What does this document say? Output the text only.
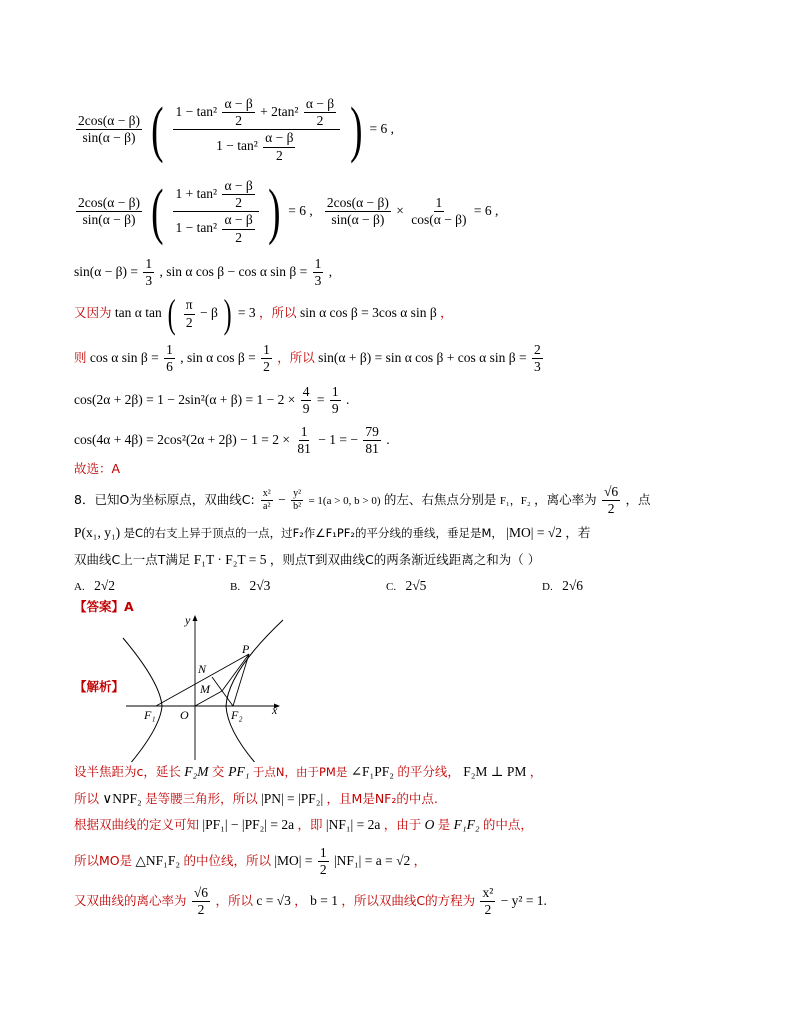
$\frac{2\cos(\alpha - \beta)}{\sin(\alpha - \beta)}$ ( $\frac{1 - \tan^2 \frac{\alpha - \beta}{2} + 2\tan^2 \frac{\alpha - \beta}{2}}{1 - \tan^2 \frac{\alpha - \beta}{2}}$ ) = 6 ,
$\frac{2\cos(\alpha - \beta)}{\sin(\alpha - \beta)}$ ( $\frac{1 + \tan^2 \frac{\alpha - \beta}{2}}{1 - \tan^2 \frac{\alpha - \beta}{2}}$ ) = 6 , $\frac{2\cos(\alpha - \beta)}{\sin(\alpha - \beta)} \times \frac{1}{\cos(\alpha - \beta)} = 6$ ,
$\sin(\alpha - \beta) = \frac{1}{3}$ , sin α cos β − cos α $\sin \beta = \frac{1}{3}$ ,
又因为 tan α tan ( $\frac{\pi}{2} - \beta$ ) = 3 ，所以 sin α cos β = 3cos α sin β ，
则 cos α $\sin \beta = \frac{1}{6}$ , sin α $\cos \beta = \frac{1}{2}$ ，所以 sin(α + β) = sin α cos β + cos α $\sin \beta = \frac{2}{3}$
$\cos(2\alpha + 2\beta) = 1 - 2\sin^2(\alpha + \beta) = 1 - 2 \times \frac{4}{9} = \frac{1}{9}$ .
$\cos(4\alpha + 4\beta) = 2\cos^2(2\alpha + 2\beta) - 1 = 2 \times \frac{1}{81} - 1$ = − $\frac{79}{81}$ .
故选：A
8．已知O为坐标原点，双曲线C: $\frac{\text{x²}}{\text{a²}} - \frac{\text{y²}}{\text{b²}} = 1(a > 0$, b > 0) 的左、右焦点分别是 F₁，F₂ ，离心率为 $\frac{√6}{2}$ ，点
P(x₁, y₁) 是C的右支上异于顶点的一点，过F₂作∠F₁PF₂的平分线的垂线，垂足是M， |MO| = √2 ，若
双曲线C上一点T满足 F₁T · F₂T = 5 ，则点T到双曲线C的两条渐近线距离之和为（ ）
A. 2√2	B. 2√3	C. 2√5	D. 2√6
【答案】A
【解析】
y
x
O
P
N
M
F₁	F₂
设半焦距为c，延长 F₂M 交 PF₁ 于点N，由于PM是 ∠F₁PF₂ 的平分线， F₂M ⊥ PM ，
所以 ∨NPF₂ 是等腰三角形，所以 |PN| = |PF₂| ，且M是NF₂的中点.
根据双曲线的定义可知 |PF₁| − |PF₂| = 2a ，即 |NF₁| = 2a ，由于 O 是 F₁F₂ 的中点，
所以MO是 △NF₁F₂ 的中位线，所以 $|MO| = \frac{1}{2} |NF_1| = a = √2$ ，
又双曲线的离心率为 $\frac{√6}{2}$ ，所以 c = √3 ， b = 1 ，所以双曲线C的方程为 $\frac{\text{x²}}{2} - y^2 = 1$.
